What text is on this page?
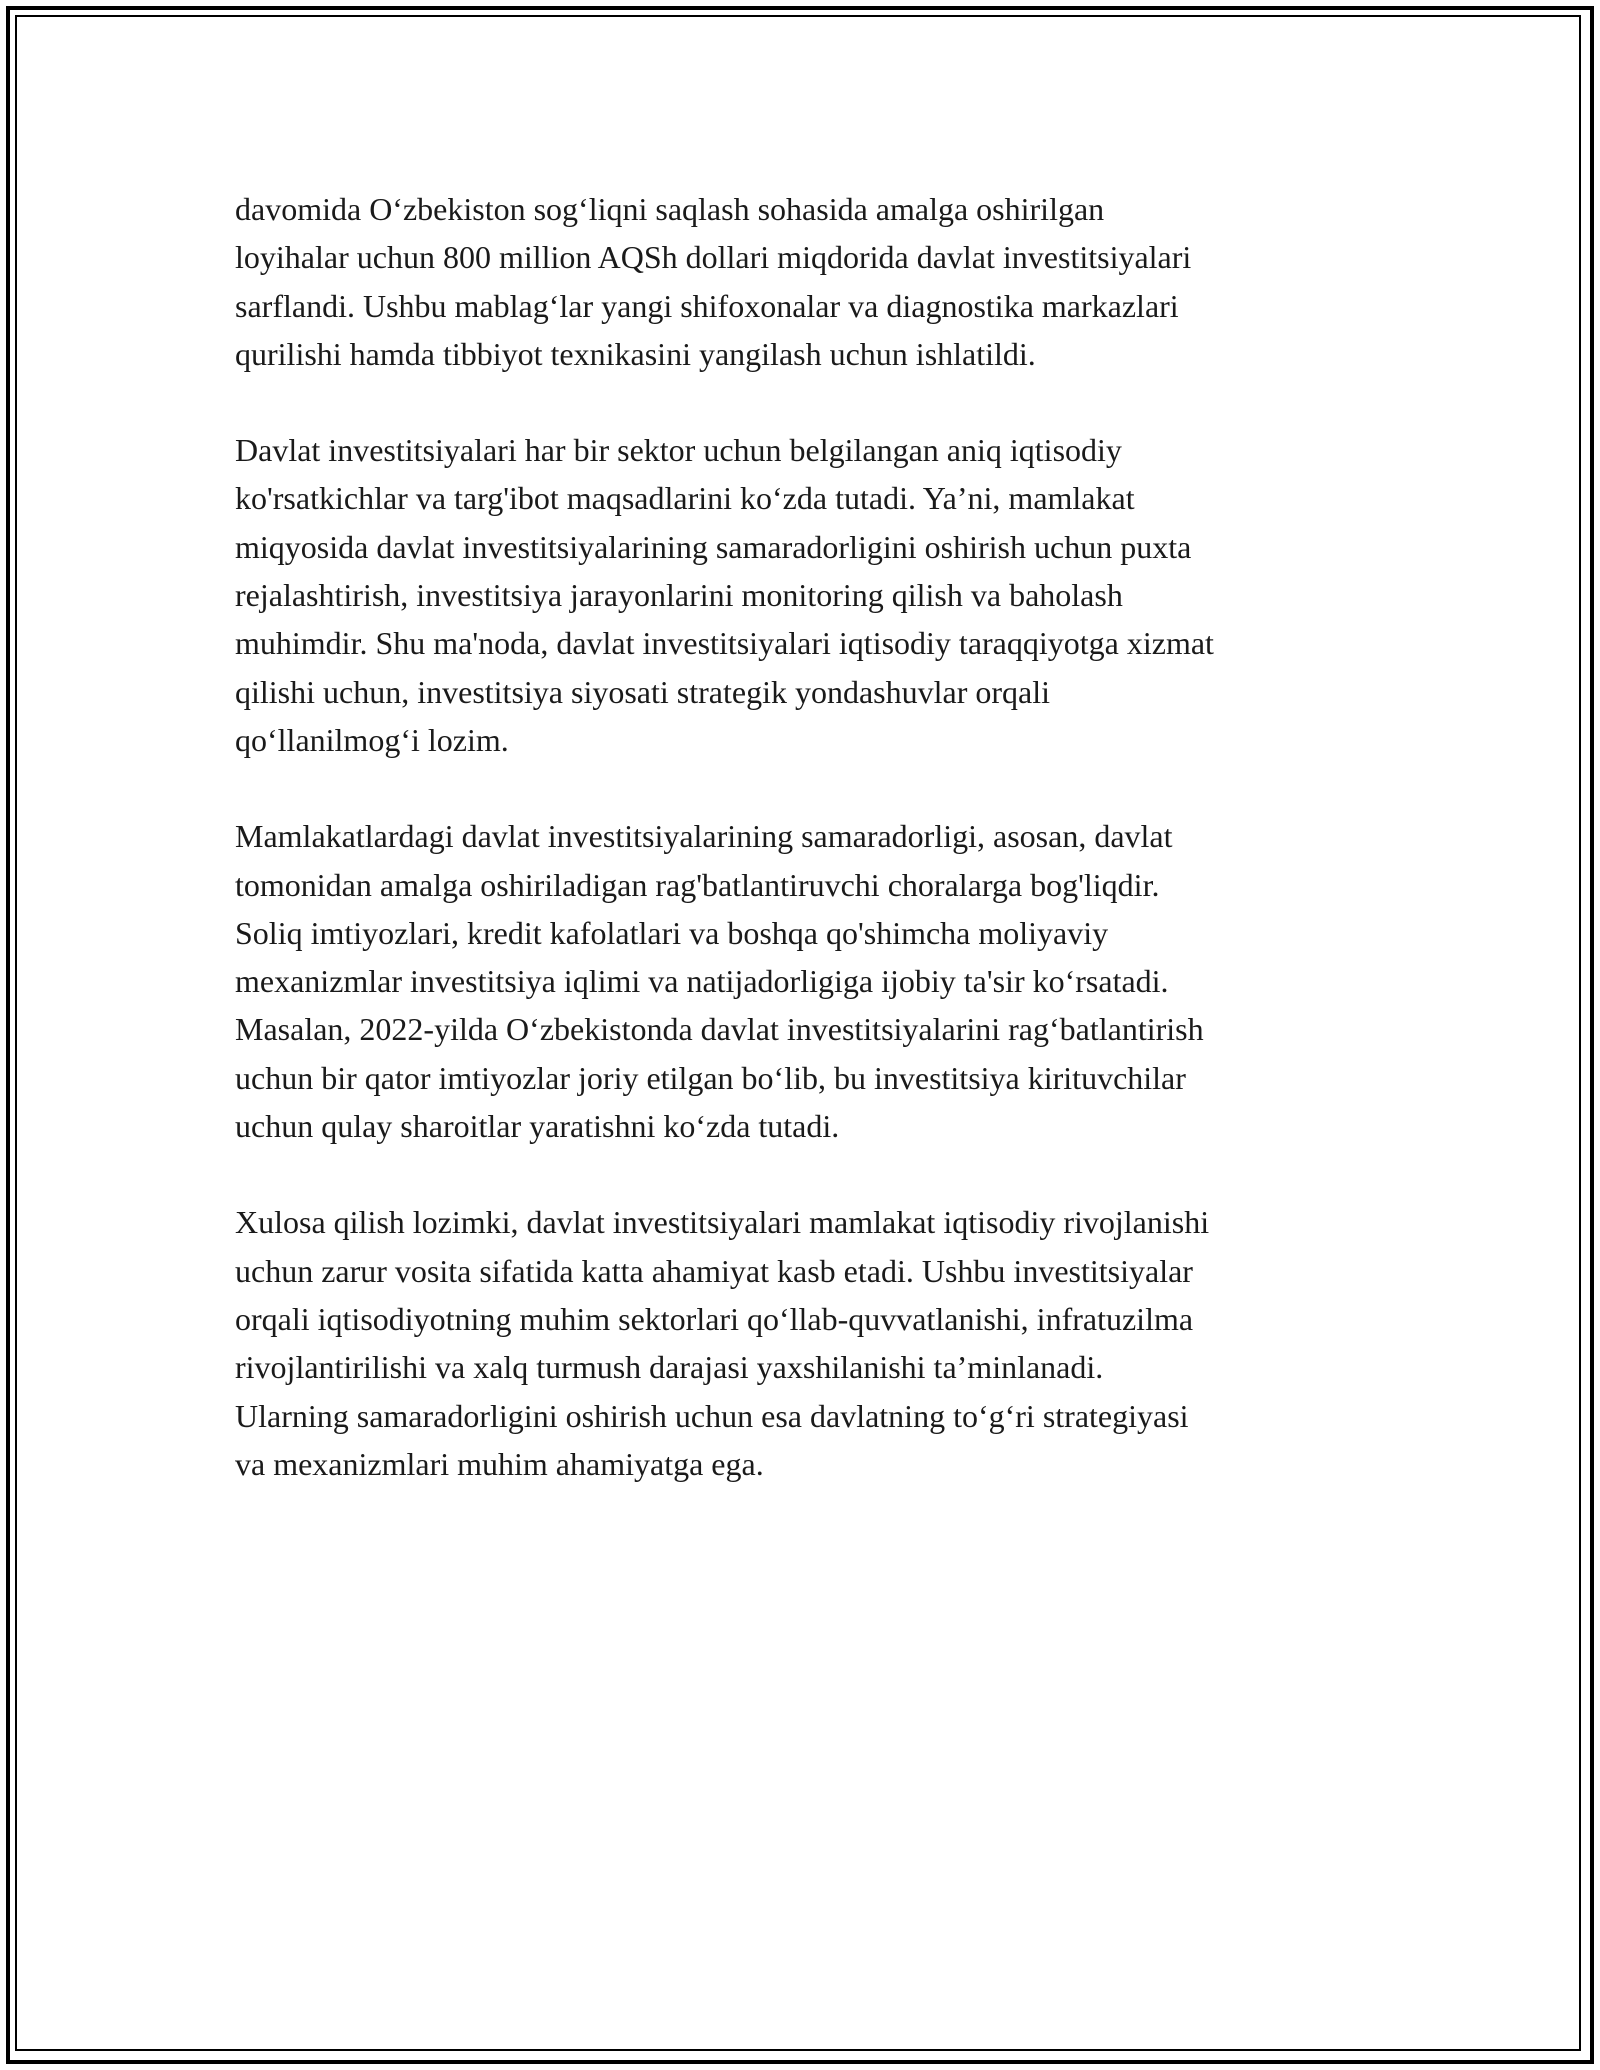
davomida O‘zbekiston sog‘liqni saqlash sohasida amalga oshirilgan
loyihalar uchun 800 million AQSh dollari miqdorida davlat investitsiyalari
sarflandi. Ushbu mablag‘lar yangi shifoxonalar va diagnostika markazlari
qurilishi hamda tibbiyot texnikasini yangilash uchun ishlatildi.

Davlat investitsiyalari har bir sektor uchun belgilangan aniq iqtisodiy
ko'rsatkichlar va targ'ibot maqsadlarini ko‘zda tutadi. Ya’ni, mamlakat
miqyosida davlat investitsiyalarining samaradorligini oshirish uchun puxta
rejalashtirish, investitsiya jarayonlarini monitoring qilish va baholash
muhimdir. Shu ma'noda, davlat investitsiyalari iqtisodiy taraqqiyotga xizmat
qilishi uchun, investitsiya siyosati strategik yondashuvlar orqali
qo‘llanilmog‘i lozim.

Mamlakatlardagi davlat investitsiyalarining samaradorligi, asosan, davlat
tomonidan amalga oshiriladigan rag'batlantiruvchi choralarga bog'liqdir.
Soliq imtiyozlari, kredit kafolatlari va boshqa qo'shimcha moliyaviy
mexanizmlar investitsiya iqlimi va natijadorligiga ijobiy ta'sir ko‘rsatadi.
Masalan, 2022-yilda O‘zbekistonda davlat investitsiyalarini rag‘batlantirish
uchun bir qator imtiyozlar joriy etilgan bo‘lib, bu investitsiya kirituvchilar
uchun qulay sharoitlar yaratishni ko‘zda tutadi.

Xulosa qilish lozimki, davlat investitsiyalari mamlakat iqtisodiy rivojlanishi
uchun zarur vosita sifatida katta ahamiyat kasb etadi. Ushbu investitsiyalar
orqali iqtisodiyotning muhim sektorlari qo‘llab-quvvatlanishi, infratuzilma
rivojlantirilishi va xalq turmush darajasi yaxshilanishi ta’minlanadi.
Ularning samaradorligini oshirish uchun esa davlatning to‘g‘ri strategiyasi
va mexanizmlari muhim ahamiyatga ega.
